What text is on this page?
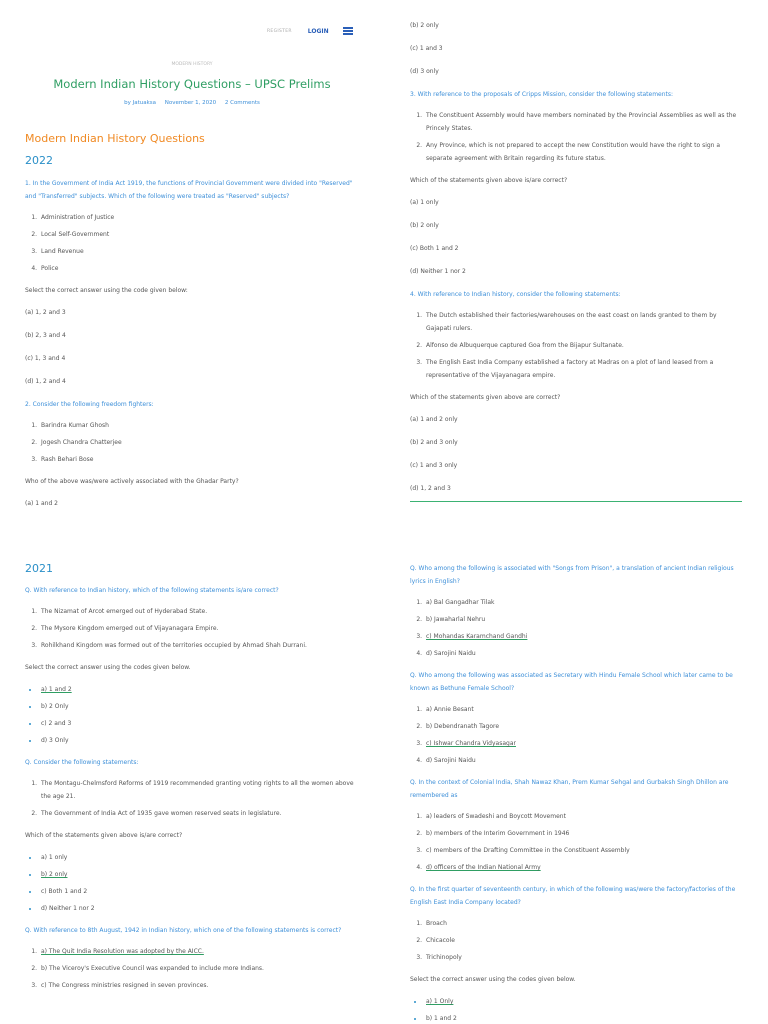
REGISTER	LOGIN
MODERN HISTORY
Modern Indian History Questions – UPSC Prelims
by Jatuaksa November 1, 2020 2 Comments
Modern Indian History Questions
2022
1. In the Government of India Act 1919, the functions of Provincial Government were divided into "Reserved" and "Transferred" subjects. Which of the following were treated as "Reserved" subjects?
1. Administration of Justice
2. Local Self-Government
3. Land Revenue
4. Police
Select the correct answer using the code given below:
(a) 1, 2 and 3
(b) 2, 3 and 4
(c) 1, 3 and 4
(d) 1, 2 and 4
2. Consider the following freedom fighters:
1. Barindra Kumar Ghosh
2. Jogesh Chandra Chatterjee
3. Rash Behari Bose
Who of the above was/were actively associated with the Ghadar Party?
(a) 1 and 2
(b) 2 only
(c) 1 and 3
(d) 3 only
3. With reference to the proposals of Cripps Mission, consider the following statements:
1. The Constituent Assembly would have members nominated by the Provincial Assemblies as well as the Princely States.
2. Any Province, which is not prepared to accept the new Constitution would have the right to sign a separate agreement with Britain regarding its future status.
Which of the statements given above is/are correct?
(a) 1 only
(b) 2 only
(c) Both 1 and 2
(d) Neither 1 nor 2
4. With reference to Indian history, consider the following statements:
1. The Dutch established their factories/warehouses on the east coast on lands granted to them by Gajapati rulers.
2. Alfonso de Albuquerque captured Goa from the Bijapur Sultanate.
3. The English East India Company established a factory at Madras on a plot of land leased from a representative of the Vijayanagara empire.
Which of the statements given above are correct?
(a) 1 and 2 only
(b) 2 and 3 only
(c) 1 and 3 only
(d) 1, 2 and 3
2021
Q. With reference to Indian history, which of the following statements is/are correct?
1. The Nizamat of Arcot emerged out of Hyderabad State.
2. The Mysore Kingdom emerged out of Vijayanagara Empire.
3. Rohilkhand Kingdom was formed out of the territories occupied by Ahmad Shah Durrani.
Select the correct answer using the codes given below.
• a) 1 and 2
• b) 2 Only
• c) 2 and 3
• d) 3 Only
Q. Consider the following statements:
1. The Montagu-Chelmsford Reforms of 1919 recommended granting voting rights to all the women above the age 21.
2. The Government of India Act of 1935 gave women reserved seats in legislature.
Which of the statements given above is/are correct?
• a) 1 only
• b) 2 only
• c) Both 1 and 2
• d) Neither 1 nor 2
Q. With reference to 8th August, 1942 in Indian history, which one of the following statements is correct?
1. a) The Quit India Resolution was adopted by the AICC.
2. b) The Viceroy's Executive Council was expanded to include more Indians.
3. c) The Congress ministries resigned in seven provinces.
Q. Who among the following is associated with "Songs from Prison", a translation of ancient Indian religious lyrics in English?
1. a) Bal Gangadhar Tilak
2. b) Jawaharlal Nehru
3. c) Mohandas Karamchand Gandhi
4. d) Sarojini Naidu
Q. Who among the following was associated as Secretary with Hindu Female School which later came to be known as Bethune Female School?
1. a) Annie Besant
2. b) Debendranath Tagore
3. c) Ishwar Chandra Vidyasagar
4. d) Sarojini Naidu
Q. In the context of Colonial India, Shah Nawaz Khan, Prem Kumar Sehgal and Gurbaksh Singh Dhillon are remembered as
1. a) leaders of Swadeshi and Boycott Movement
2. b) members of the Interim Government in 1946
3. c) members of the Drafting Committee in the Constituent Assembly
4. d) officers of the Indian National Army
Q. In the first quarter of seventeenth century, in which of the following was/were the factory/factories of the English East India Company located?
1. Broach
2. Chicacole
3. Trichinopoly
Select the correct answer using the codes given below.
• a) 1 Only
• b) 1 and 2
